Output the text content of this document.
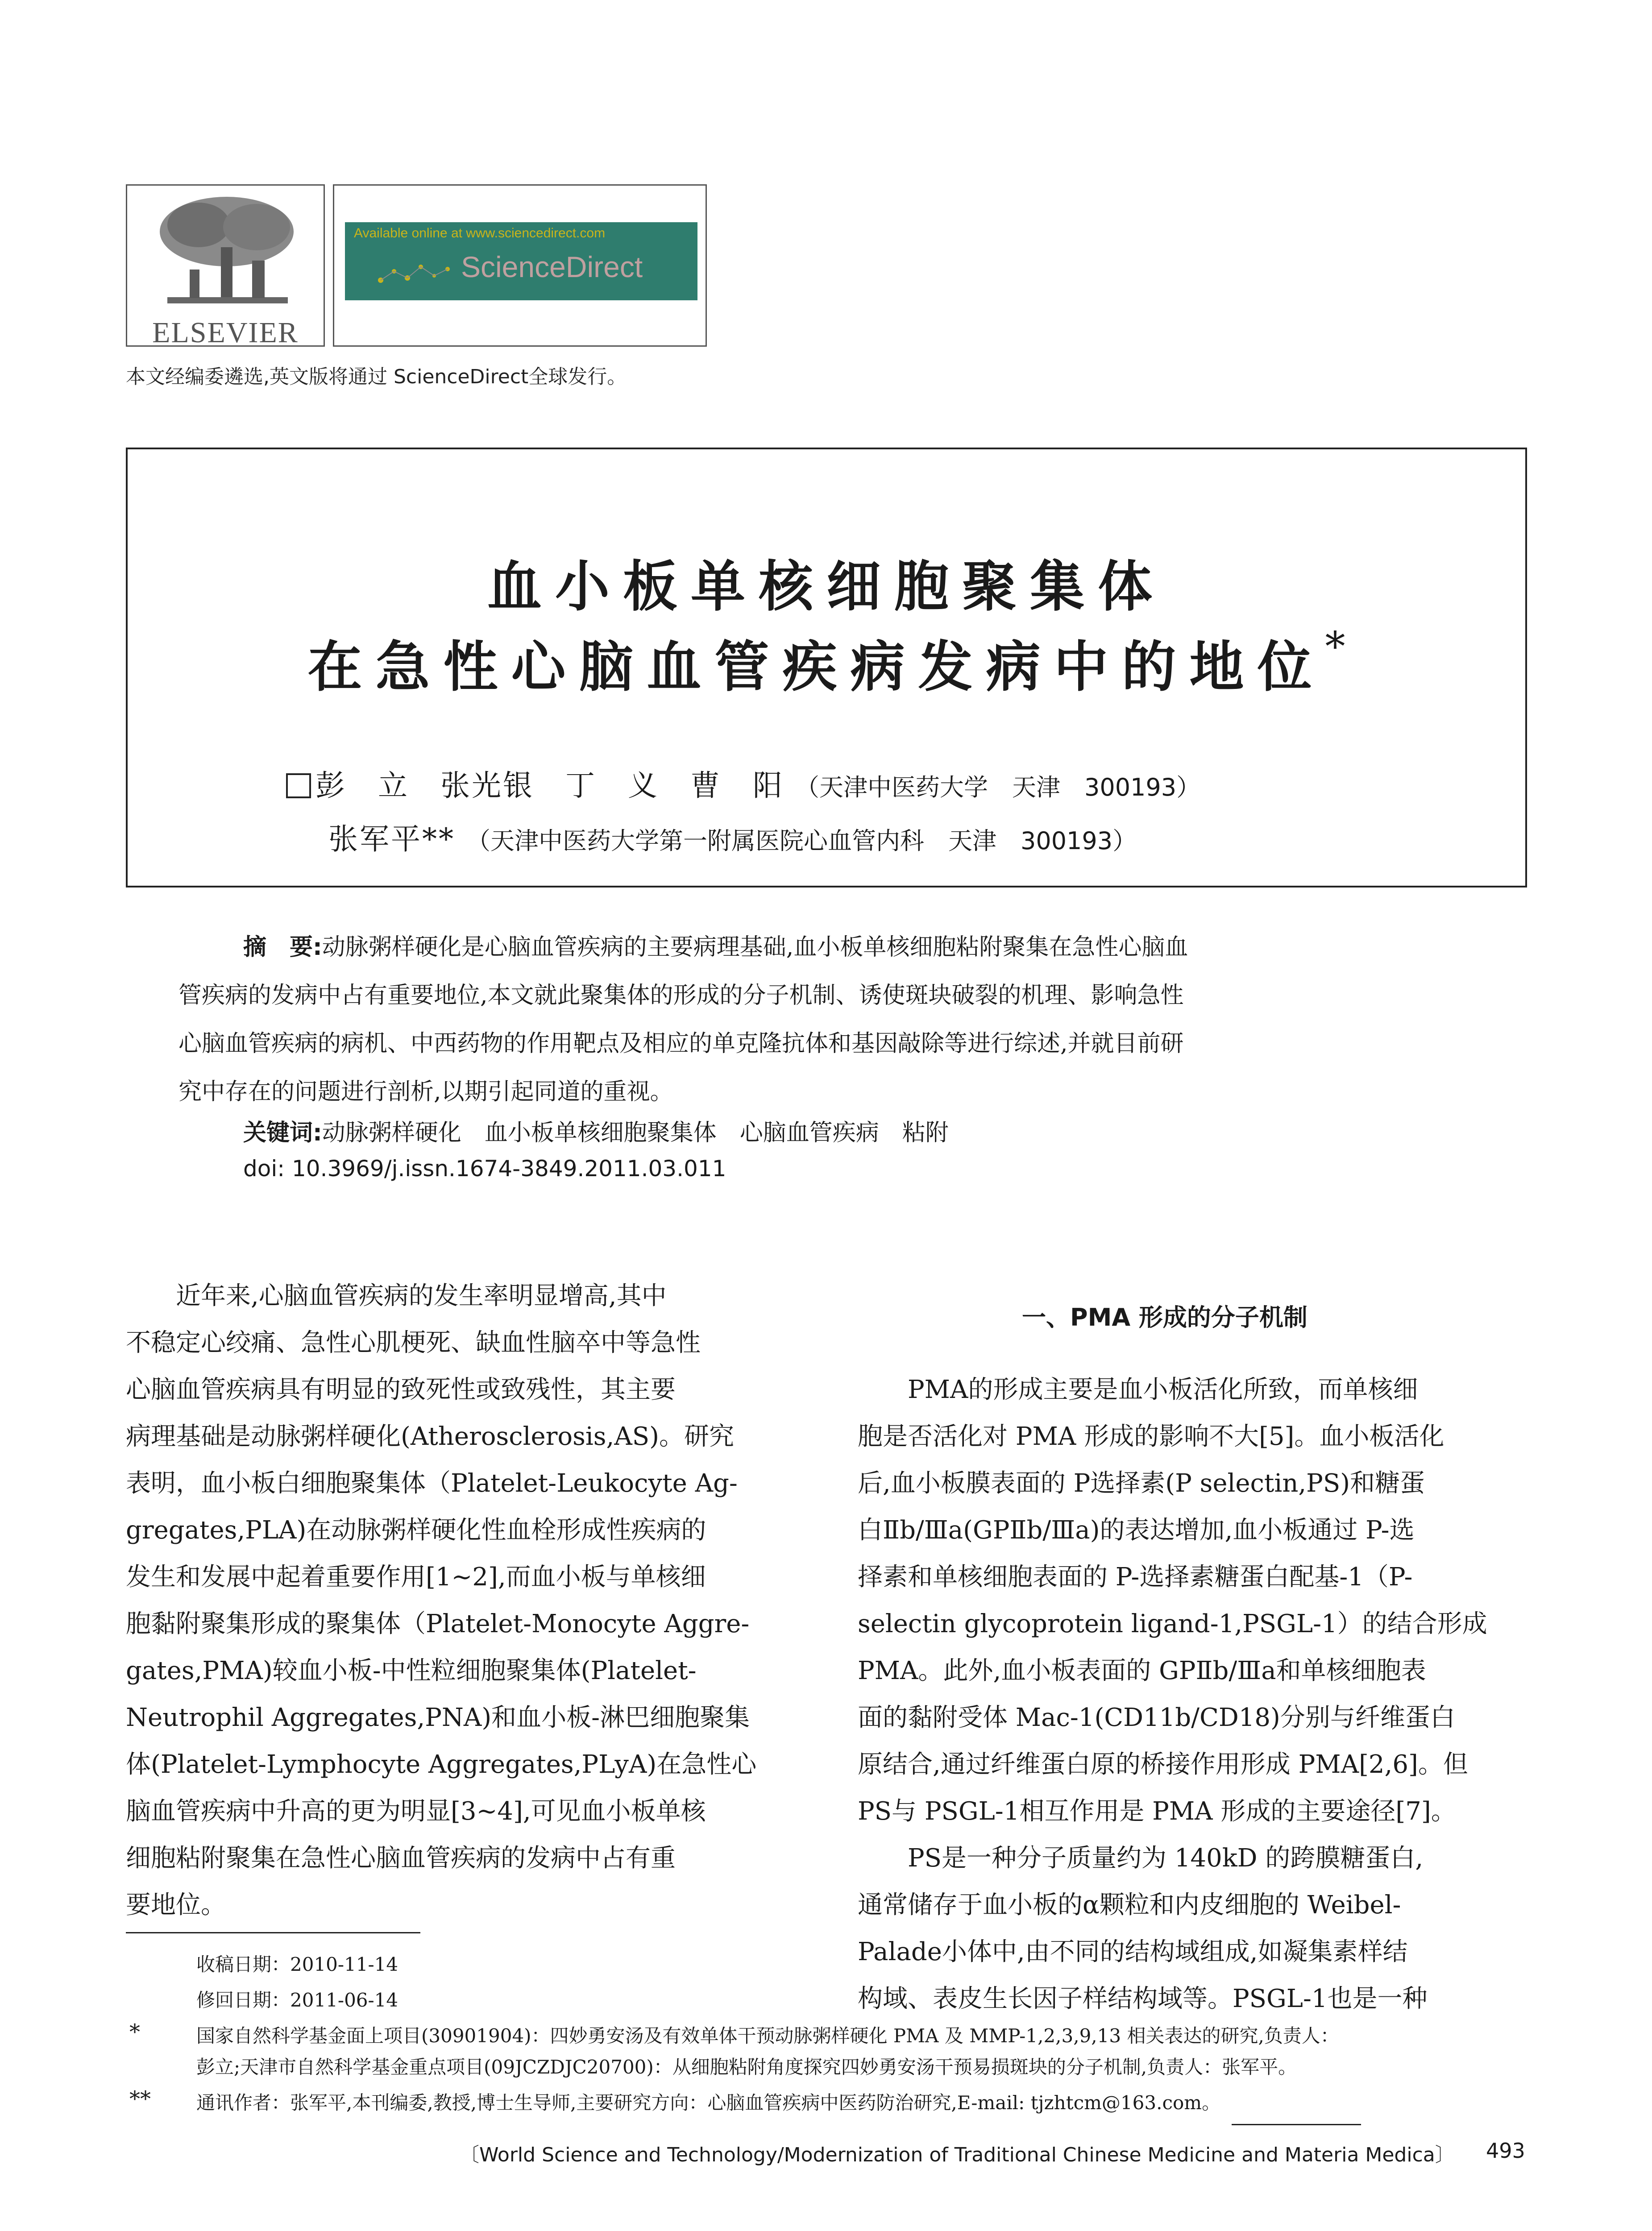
ELSEVIER
Available online at www.sciencedirect.com
ScienceDirect
本文经编委遴选,英文版将通过 ScienceDirect全球发行。
血小板单核细胞聚集体
在急性心脑血管疾病发病中的地位*
彭　立　张光银　丁　义　曹　阳 （天津中医药大学　天津　300193）
张军平** （天津中医药大学第一附属医院心血管内科　天津　300193）
摘　要:动脉粥样硬化是心脑血管疾病的主要病理基础,血小板单核细胞粘附聚集在急性心脑血
管疾病的发病中占有重要地位,本文就此聚集体的形成的分子机制、诱使斑块破裂的机理、影响急性
心脑血管疾病的病机、中西药物的作用靶点及相应的单克隆抗体和基因敲除等进行综述,并就目前研
究中存在的问题进行剖析,以期引起同道的重视。
关键词:动脉粥样硬化　血小板单核细胞聚集体　心脑血管疾病　粘附
doi: 10.3969/j.issn.1674-3849.2011.03.011
　　近年来,心脑血管疾病的发生率明显增高,其中
不稳定心绞痛、急性心肌梗死、缺血性脑卒中等急性
心脑血管疾病具有明显的致死性或致残性，其主要
病理基础是动脉粥样硬化(Atherosclerosis,AS)。研究
表明，血小板白细胞聚集体（Platelet-Leukocyte Ag-
gregates,PLA)在动脉粥样硬化性血栓形成性疾病的
发生和发展中起着重要作用[1~2],而血小板与单核细
胞黏附聚集形成的聚集体（Platelet-Monocyte Aggre-
gates,PMA)较血小板-中性粒细胞聚集体(Platelet-
Neutrophil Aggregates,PNA)和血小板-淋巴细胞聚集
体(Platelet-Lymphocyte Aggregates,PLyA)在急性心
脑血管疾病中升高的更为明显[3~4],可见血小板单核
细胞粘附聚集在急性心脑血管疾病的发病中占有重
要地位。
一、PMA 形成的分子机制
　　PMA的形成主要是血小板活化所致，而单核细
胞是否活化对 PMA 形成的影响不大[5]。血小板活化
后,血小板膜表面的 P选择素(P selectin,PS)和糖蛋
白Ⅱb/Ⅲa(GPⅡb/Ⅲa)的表达增加,血小板通过 P-选
择素和单核细胞表面的 P-选择素糖蛋白配基-1（P-
selectin glycoprotein ligand-1,PSGL-1）的结合形成
PMA。此外,血小板表面的 GPⅡb/Ⅲa和单核细胞表
面的黏附受体 Mac-1(CD11b/CD18)分别与纤维蛋白
原结合,通过纤维蛋白原的桥接作用形成 PMA[2,6]。但
PS与 PSGL-1相互作用是 PMA 形成的主要途径[7]。
　　PS是一种分子质量约为 140kD 的跨膜糖蛋白,
通常储存于血小板的α颗粒和内皮细胞的 Weibel-
Palade小体中,由不同的结构域组成,如凝集素样结
构域、表皮生长因子样结构域等。PSGL-1也是一种
收稿日期：2010-11-14
修回日期：2011-06-14
*	国家自然科学基金面上项目(30901904)：四妙勇安汤及有效单体干预动脉粥样硬化 PMA 及 MMP-1,2,3,9,13 相关表达的研究,负责人：
彭立;天津市自然科学基金重点项目(09JCZDJC20700)：从细胞粘附角度探究四妙勇安汤干预易损斑块的分子机制,负责人：张军平。
** 通讯作者：张军平,本刊编委,教授,博士生导师,主要研究方向：心脑血管疾病中医药防治研究,E-mail: tjzhtcm@163.com。
〔World Science and Technology/Modernization of Traditional Chinese Medicine and Materia Medica〕 493
